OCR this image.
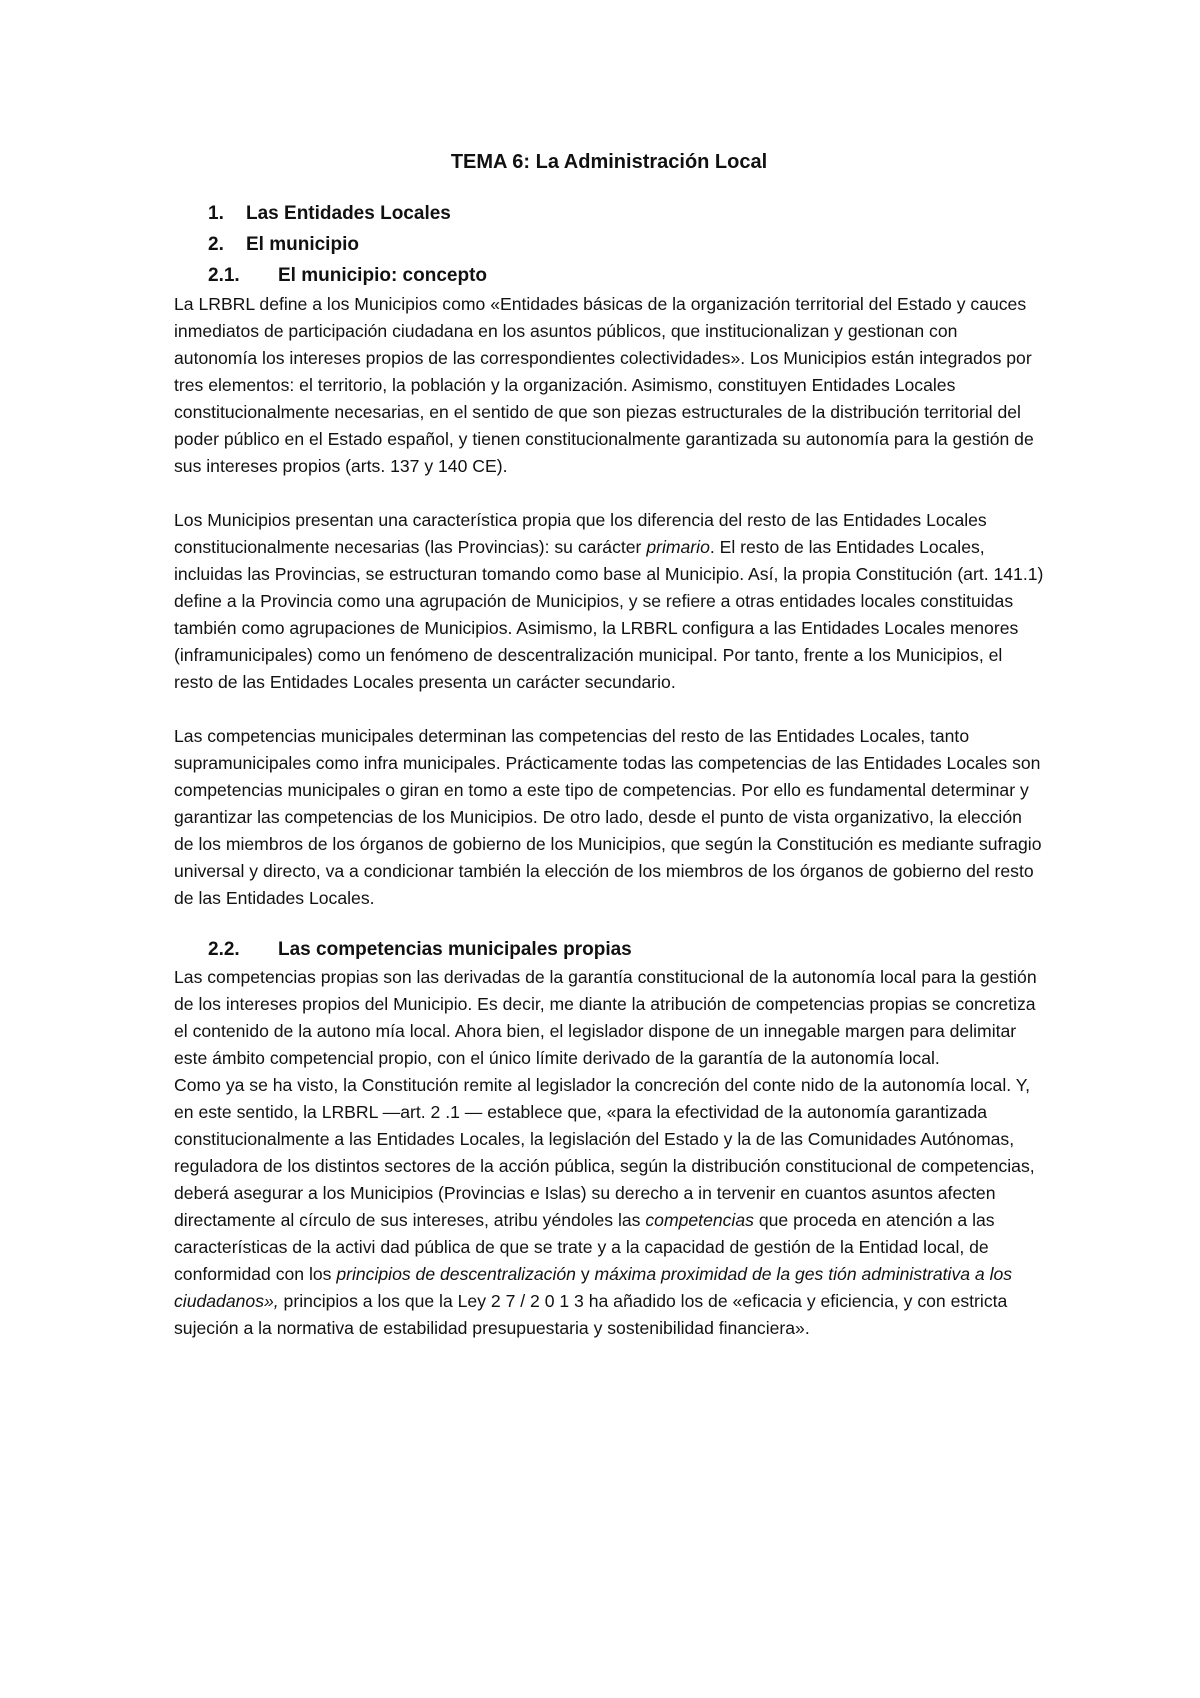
TEMA 6: La Administración Local
1.	Las Entidades Locales
2.	El municipio
2.1.	El municipio: concepto

La LRBRL define a los Municipios como «Entidades básicas de la organización territorial del Estado y cauces inmediatos de participación ciudadana en los asuntos públicos, que institucionalizan y gestionan con autonomía los intereses propios de las correspondientes colectividades». Los Municipios están integrados por tres elementos: el territorio, la población y la organización. Asimismo, constituyen Entidades Locales constitucionalmente necesarias, en el sentido de que son piezas estructurales de la distribución territorial del poder público en el Estado español, y tienen constitucionalmente garantizada su autonomía para la gestión de sus intereses propios (arts. 137 y 140 CE).

Los Municipios presentan una característica propia que los diferencia del resto de las Entidades Locales constitucionalmente necesarias (las Provincias): su carácter primario. El resto de las Entidades Locales, incluidas las Provincias, se estructuran tomando como base al Municipio. Así, la propia Constitución (art. 141.1) define a la Provincia como una agrupación de Municipios, y se refiere a otras entidades locales constituidas también como agrupaciones de Municipios. Asimismo, la LRBRL configura a las Entidades Locales menores (inframunicipales) como un fenómeno de descentralización municipal. Por tanto, frente a los Municipios, el resto de las Entidades Locales presenta un carácter secundario.

Las competencias municipales determinan las competencias del resto de las Entidades Locales, tanto supramunicipales como infra municipales. Prácticamente todas las competencias de las Entidades Locales son competencias municipales o giran en tomo a este tipo de competencias. Por ello es fundamental determinar y garantizar las competencias de los Municipios. De otro lado, desde el punto de vista organizativo, la elección de los miembros de los órganos de gobierno de los Municipios, que según la Constitución es mediante sufragio universal y directo, va a condicionar también la elección de los miembros de los órganos de gobierno del resto de las Entidades Locales.

2.2.	Las competencias municipales propias

Las competencias propias son las derivadas de la garantía constitucional de la autonomía local para la gestión de los intereses propios del Municipio. Es decir, me diante la atribución de competencias propias se concretiza el contenido de la autono mía local. Ahora bien, el legislador dispone de un innegable margen para delimitar este ámbito competencial propio, con el único límite derivado de la garantía de la autonomía local.

Como ya se ha visto, la Constitución remite al legislador la concreción del conte nido de la autonomía local. Y, en este sentido, la LRBRL —art. 2 .1 — establece que, «para la efectividad de la autonomía garantizada constitucionalmente a las Entidades Locales, la legislación del Estado y la de las Comunidades Autónomas, reguladora de los distintos sectores de la acción pública, según la distribución constitucional de competencias, deberá asegurar a los Municipios (Provincias e Islas) su derecho a in tervenir en cuantos asuntos afecten directamente al círculo de sus intereses, atribu yéndoles las competencias que proceda en atención a las características de la activi dad pública de que se trate y a la capacidad de gestión de la Entidad local, de conformidad con los principios de descentralización y máxima proximidad de la ges tión administrativa a los ciudadanos», principios a los que la Ley 2 7 / 2 0 1 3 ha añadido los de «eficacia y eficiencia, y con estricta sujeción a la normativa de estabilidad presupuestaria y sostenibilidad financiera».
